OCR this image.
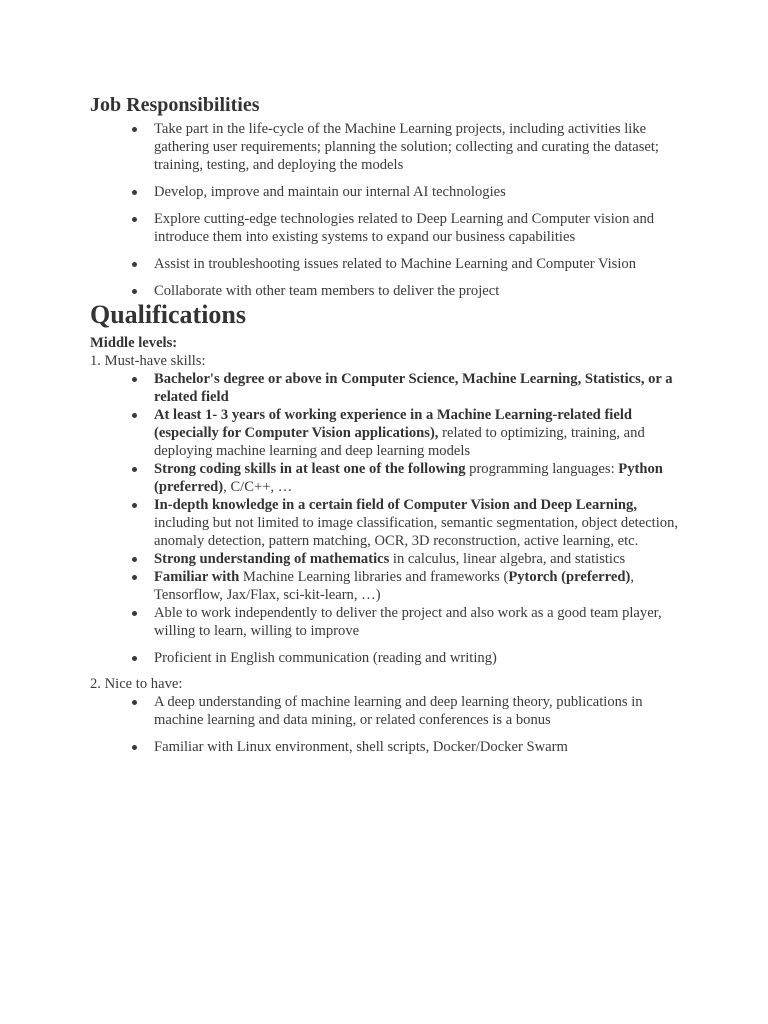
Job Responsibilities
Take part in the life-cycle of the Machine Learning projects, including activities like gathering user requirements; planning the solution; collecting and curating the dataset; training, testing, and deploying the models
Develop, improve and maintain our internal AI technologies
Explore cutting-edge technologies related to Deep Learning and Computer vision and introduce them into existing systems to expand our business capabilities
Assist in troubleshooting issues related to Machine Learning and Computer Vision
Collaborate with other team members to deliver the project
Qualifications

Middle levels:

1. Must-have skills:

Bachelor's degree or above in Computer Science, Machine Learning, Statistics, or a related field
At least 1- 3 years of working experience in a Machine Learning-related field (especially for Computer Vision applications), related to optimizing, training, and deploying machine learning and deep learning models
Strong coding skills in at least one of the following programming languages: Python (preferred), C/C++, …
In-depth knowledge in a certain field of Computer Vision and Deep Learning, including but not limited to image classification, semantic segmentation, object detection, anomaly detection, pattern matching, OCR, 3D reconstruction, active learning, etc.
Strong understanding of mathematics in calculus, linear algebra, and statistics
Familiar with Machine Learning libraries and frameworks (Pytorch (preferred), Tensorflow, Jax/Flax, sci-kit-learn, …)
Able to work independently to deliver the project and also work as a good team player, willing to learn, willing to improve
Proficient in English communication (reading and writing)

2. Nice to have:

A deep understanding of machine learning and deep learning theory, publications in machine learning and data mining, or related conferences is a bonus
Familiar with Linux environment, shell scripts, Docker/Docker Swarm
